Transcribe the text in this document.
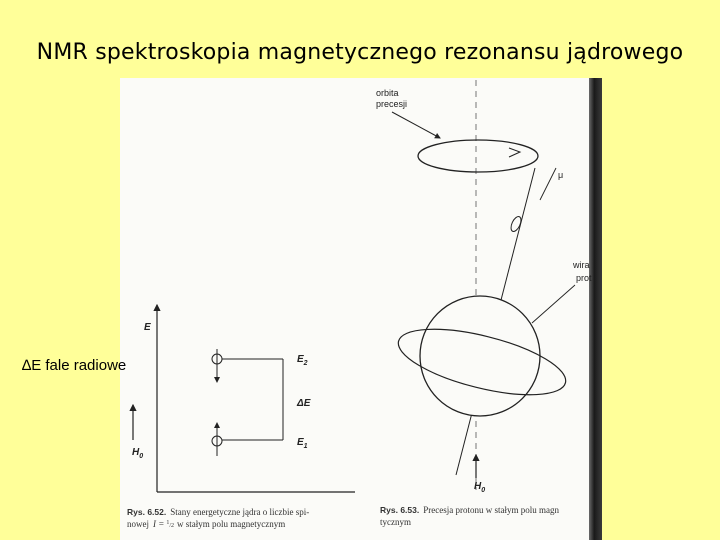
NMR spektroskopia magnetycznego rezonansu jądrowego
∆E fale radiowe
E
$H_0$
$E_2$
ΔE
$E_1$
Rys. 6.52. Stany energetyczne jądra o liczbie spi-
nowej I = $^1_/$2 w stałym polu magnetycznym
orbita
precesji
μ
wira
prot
$H_0$
Rys. 6.53. Precesja protonu w stałym polu magn
tycznym
